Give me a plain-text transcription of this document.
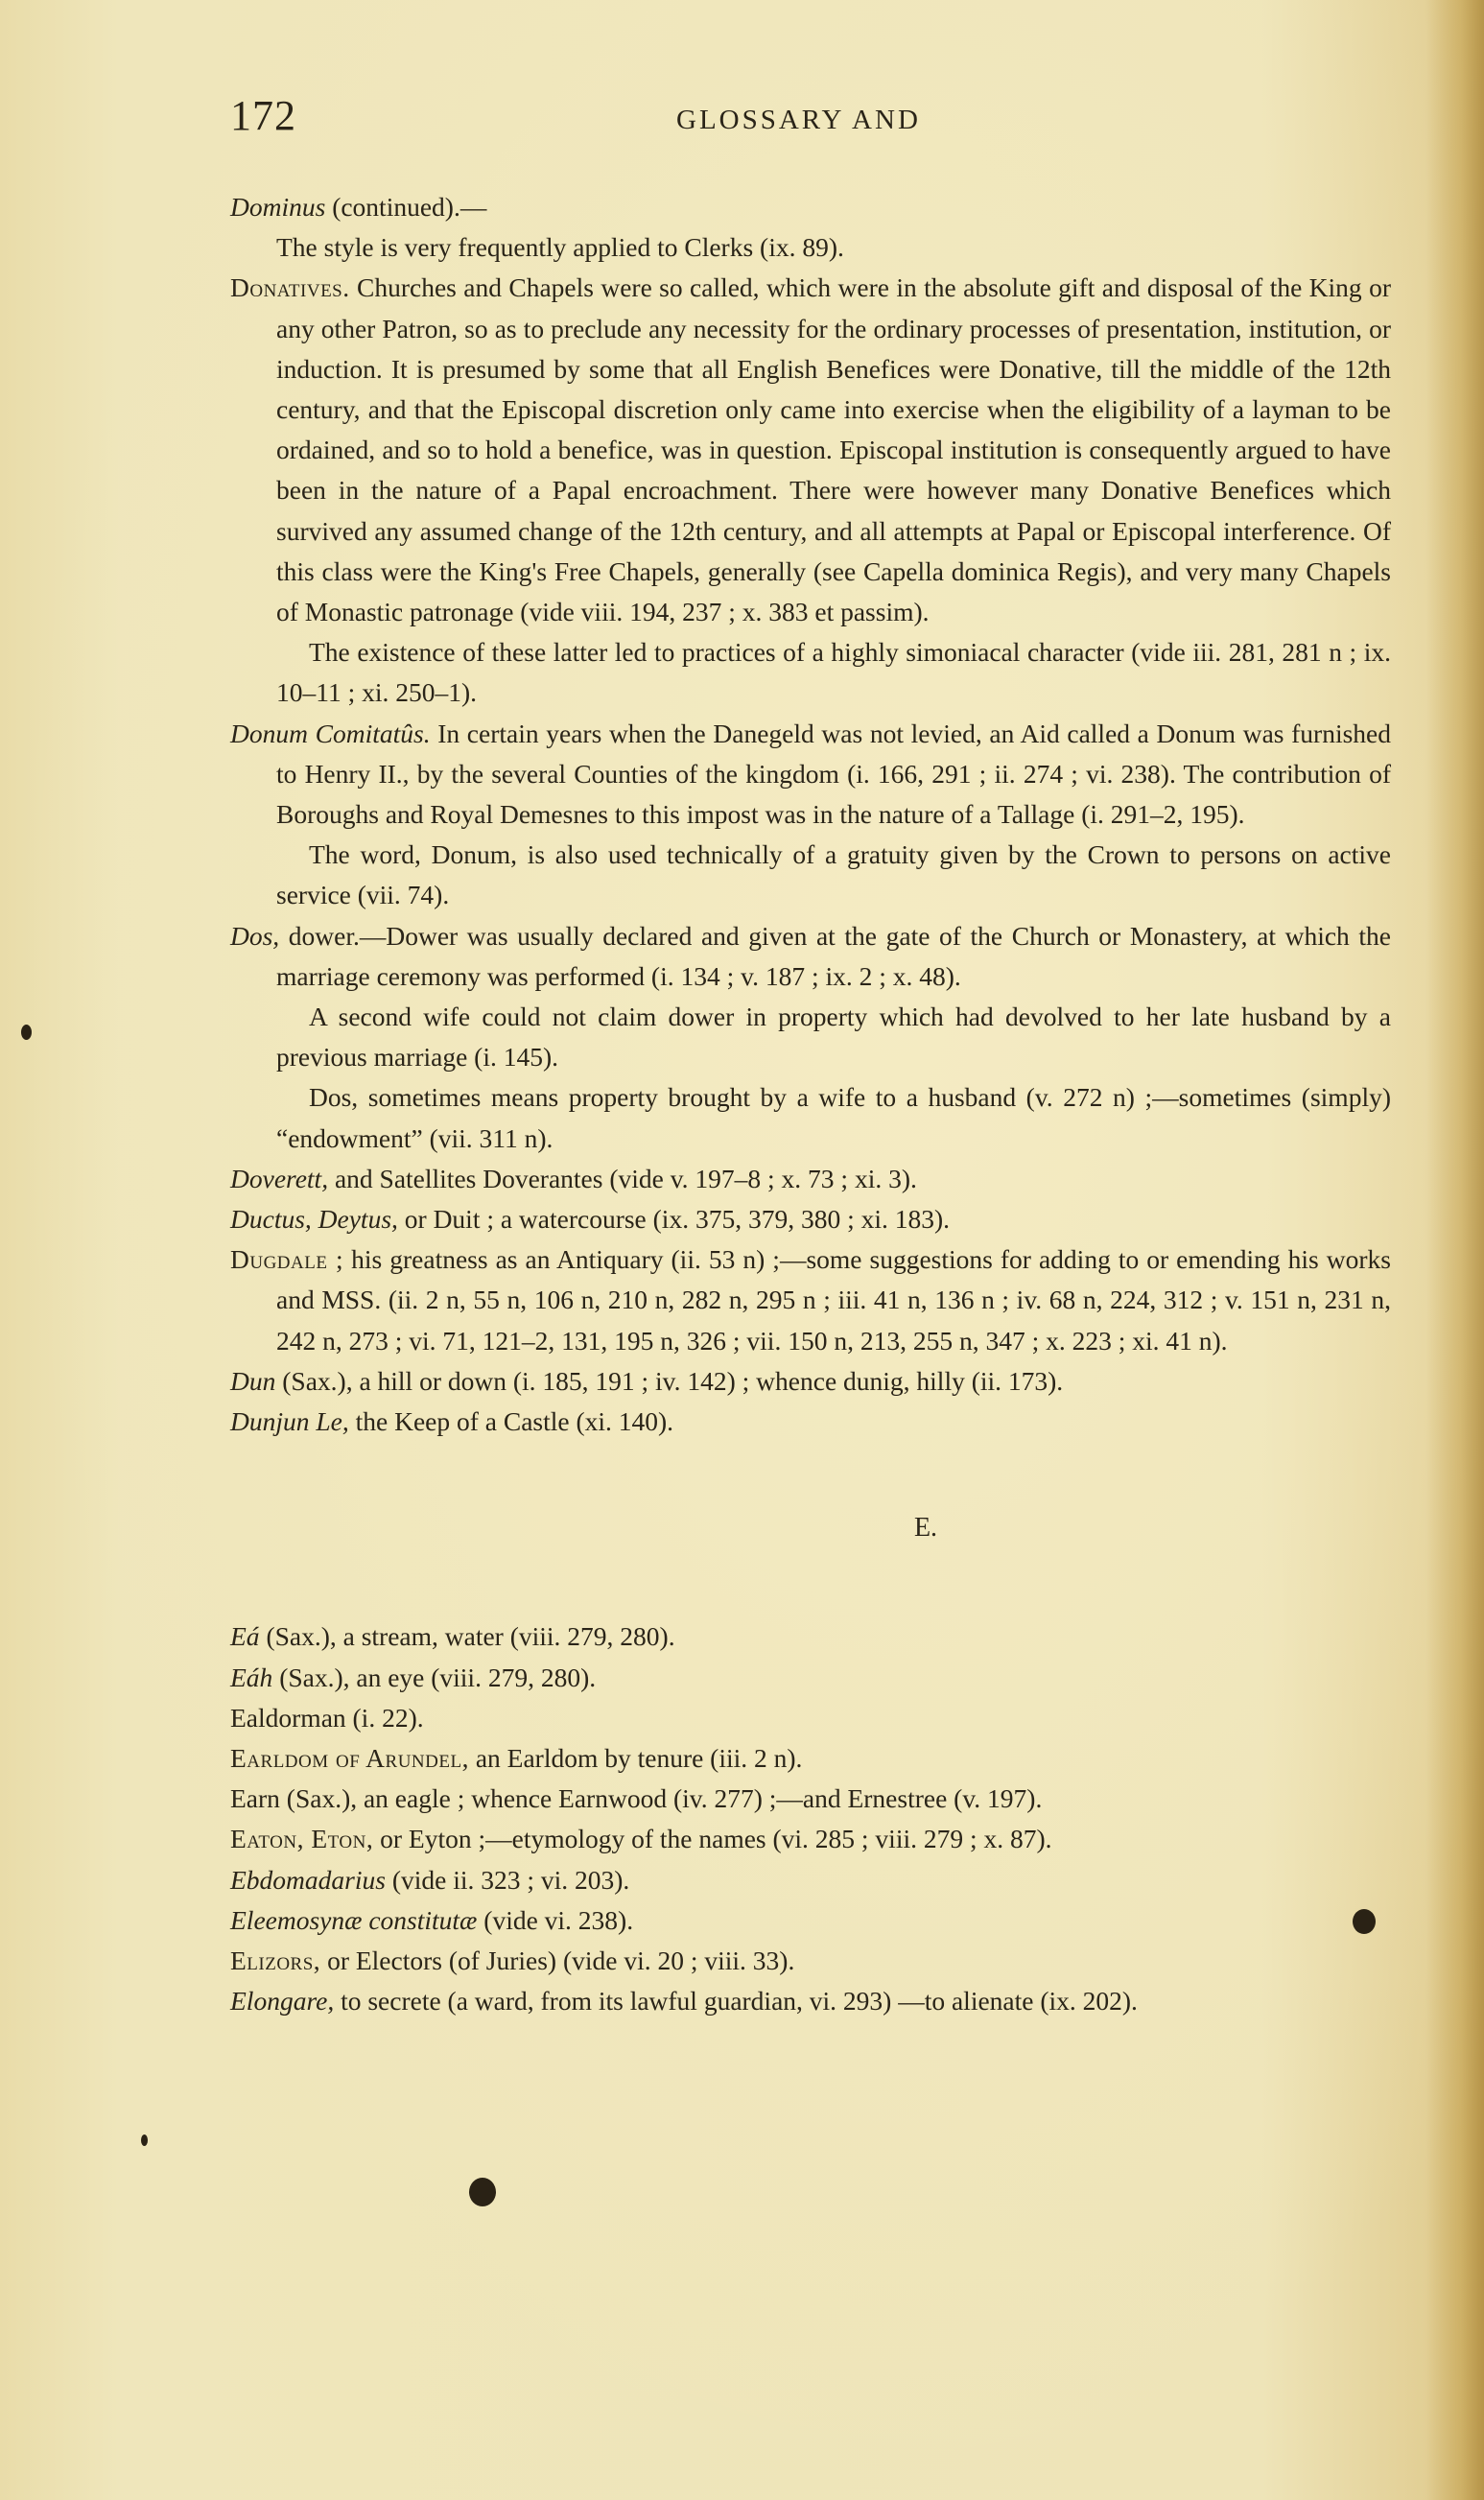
172	GLOSSARY AND
Dominus (continued).—
The style is very frequently applied to Clerks (ix. 89).
Donatives. Churches and Chapels were so called, which were in the absolute gift and disposal of the King or any other Patron, so as to preclude any necessity for the ordinary processes of presentation, institution, or induction. It is presumed by some that all English Benefices were Donative, till the middle of the 12th century, and that the Episcopal discretion only came into exercise when the eligibility of a layman to be ordained, and so to hold a benefice, was in question. Episcopal institution is consequently argued to have been in the nature of a Papal encroachment. There were however many Donative Benefices which survived any assumed change of the 12th century, and all attempts at Papal or Episcopal interference. Of this class were the King's Free Chapels, generally (see Capella dominica Regis), and very many Chapels of Monastic patronage (vide viii. 194, 237 ; x. 383 et passim).
The existence of these latter led to practices of a highly simoniacal character (vide iii. 281, 281 n ; ix. 10–11 ; xi. 250–1).
Donum Comitatûs. In certain years when the Danegeld was not levied, an Aid called a Donum was furnished to Henry II., by the several Counties of the kingdom (i. 166, 291 ; ii. 274 ; vi. 238). The contribution of Boroughs and Royal Demesnes to this impost was in the nature of a Tallage (i. 291–2, 195).
The word, Donum, is also used technically of a gratuity given by the Crown to persons on active service (vii. 74).
Dos, dower.—Dower was usually declared and given at the gate of the Church or Monastery, at which the marriage ceremony was performed (i. 134 ; v. 187 ; ix. 2 ; x. 48).
A second wife could not claim dower in property which had devolved to her late husband by a previous marriage (i. 145).
Dos, sometimes means property brought by a wife to a husband (v. 272 n) ;—sometimes (simply) “endowment” (vii. 311 n).
Doverett, and Satellites Doverantes (vide v. 197–8 ; x. 73 ; xi. 3).
Ductus, Deytus, or Duit ; a watercourse (ix. 375, 379, 380 ; xi. 183).
Dugdale ; his greatness as an Antiquary (ii. 53 n) ;—some suggestions for adding to or emending his works and MSS. (ii. 2 n, 55 n, 106 n, 210 n, 282 n, 295 n ; iii. 41 n, 136 n ; iv. 68 n, 224, 312 ; v. 151 n, 231 n, 242 n, 273 ; vi. 71, 121–2, 131, 195 n, 326 ; vii. 150 n, 213, 255 n, 347 ; x. 223 ; xi. 41 n).
Dun (Sax.), a hill or down (i. 185, 191 ; iv. 142) ; whence dunig, hilly (ii. 173).
Dunjun Le, the Keep of a Castle (xi. 140).
E.
Eá (Sax.), a stream, water (viii. 279, 280).
Eáh (Sax.), an eye (viii. 279, 280).
Ealdorman (i. 22).
Earldom of Arundel, an Earldom by tenure (iii. 2 n).
Earn (Sax.), an eagle ; whence Earnwood (iv. 277) ;—and Ernestree (v. 197).
Eaton, Eton, or Eyton ;—etymology of the names (vi. 285 ; viii. 279 ; x. 87).
Ebdomadarius (vide ii. 323 ; vi. 203).
Eleemosynæ constitutæ (vide vi. 238).
Elizors, or Electors (of Juries) (vide vi. 20 ; viii. 33).
Elongare, to secrete (a ward, from its lawful guardian, vi. 293) —to alienate (ix. 202).
